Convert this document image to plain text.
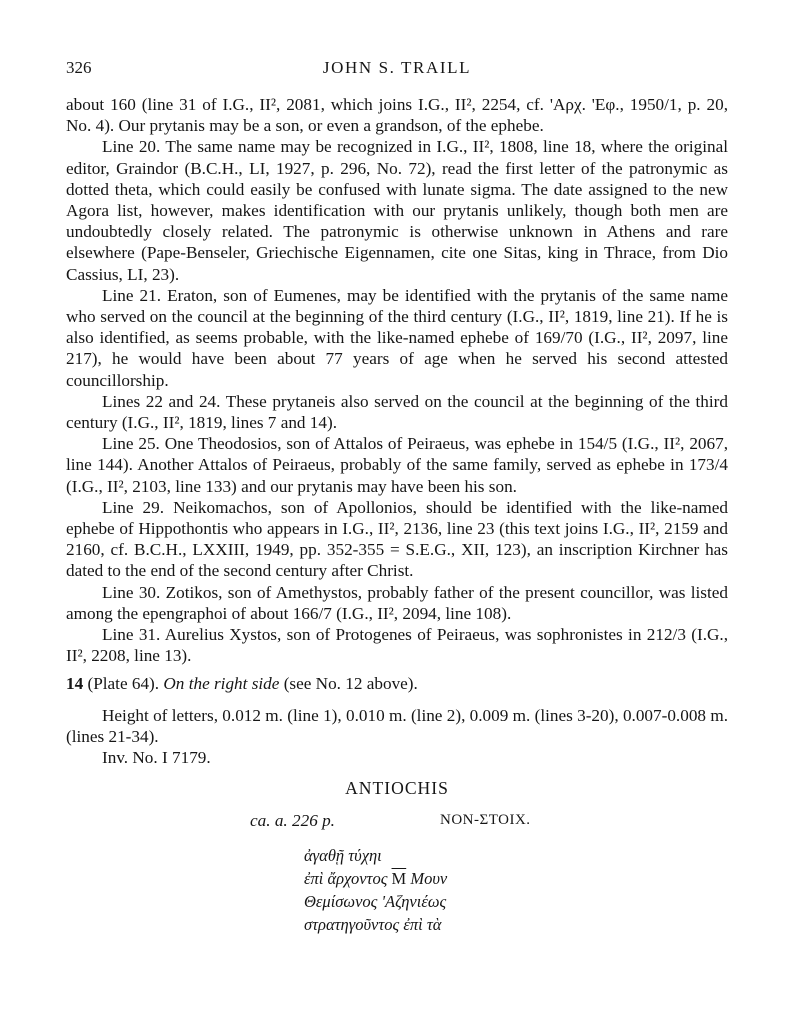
326	JOHN S. TRAILL

about 160 (line 31 of I.G., II², 2081, which joins I.G., II², 2254, cf. 'Αρχ. 'Εφ., 1950/1, p. 20, No. 4). Our prytanis may be a son, or even a grandson, of the ephebe.

Line 20. The same name may be recognized in I.G., II², 1808, line 18, where the original editor, Graindor (B.C.H., LI, 1927, p. 296, No. 72), read the first letter of the patronymic as dotted theta, which could easily be confused with lunate sigma. The date assigned to the new Agora list, however, makes identification with our prytanis unlikely, though both men are undoubtedly closely related. The patronymic is otherwise unknown in Athens and rare elsewhere (Pape-Benseler, Griechische Eigennamen, cite one Sitas, king in Thrace, from Dio Cassius, LI, 23).

Line 21. Eraton, son of Eumenes, may be identified with the prytanis of the same name who served on the council at the beginning of the third century (I.G., II², 1819, line 21). If he is also identified, as seems probable, with the like-named ephebe of 169/70 (I.G., II², 2097, line 217), he would have been about 77 years of age when he served his second attested councillorship.

Lines 22 and 24. These prytaneis also served on the council at the beginning of the third century (I.G., II², 1819, lines 7 and 14).

Line 25. One Theodosios, son of Attalos of Peiraeus, was ephebe in 154/5 (I.G., II², 2067, line 144). Another Attalos of Peiraeus, probably of the same family, served as ephebe in 173/4 (I.G., II², 2103, line 133) and our prytanis may have been his son.

Line 29. Neikomachos, son of Apollonios, should be identified with the like-named ephebe of Hippothontis who appears in I.G., II², 2136, line 23 (this text joins I.G., II², 2159 and 2160, cf. B.C.H., LXXIII, 1949, pp. 352-355 = S.E.G., XII, 123), an inscription Kirchner has dated to the end of the second century after Christ.

Line 30. Zotikos, son of Amethystos, probably father of the present councillor, was listed among the epengraphoi of about 166/7 (I.G., II², 2094, line 108).

Line 31. Aurelius Xystos, son of Protogenes of Peiraeus, was sophronistes in 212/3 (I.G., II², 2208, line 13).

14 (Plate 64). On the right side (see No. 12 above).

Height of letters, 0.012 m. (line 1), 0.010 m. (line 2), 0.009 m. (lines 3-20), 0.007-0.008 m. (lines 21-34).

Inv. No. I 7179.

ANTIOCHIS

ca. a. 226 p.	NON-ΣTOIX.
ἀγαθῇ τύχηι
ἐπὶ ἄρχοντος $\overline{M}$ Μουν
Θεμίσωνος 'Αζηνιέως
στρατηγοῦντος ἐπὶ τὰ
